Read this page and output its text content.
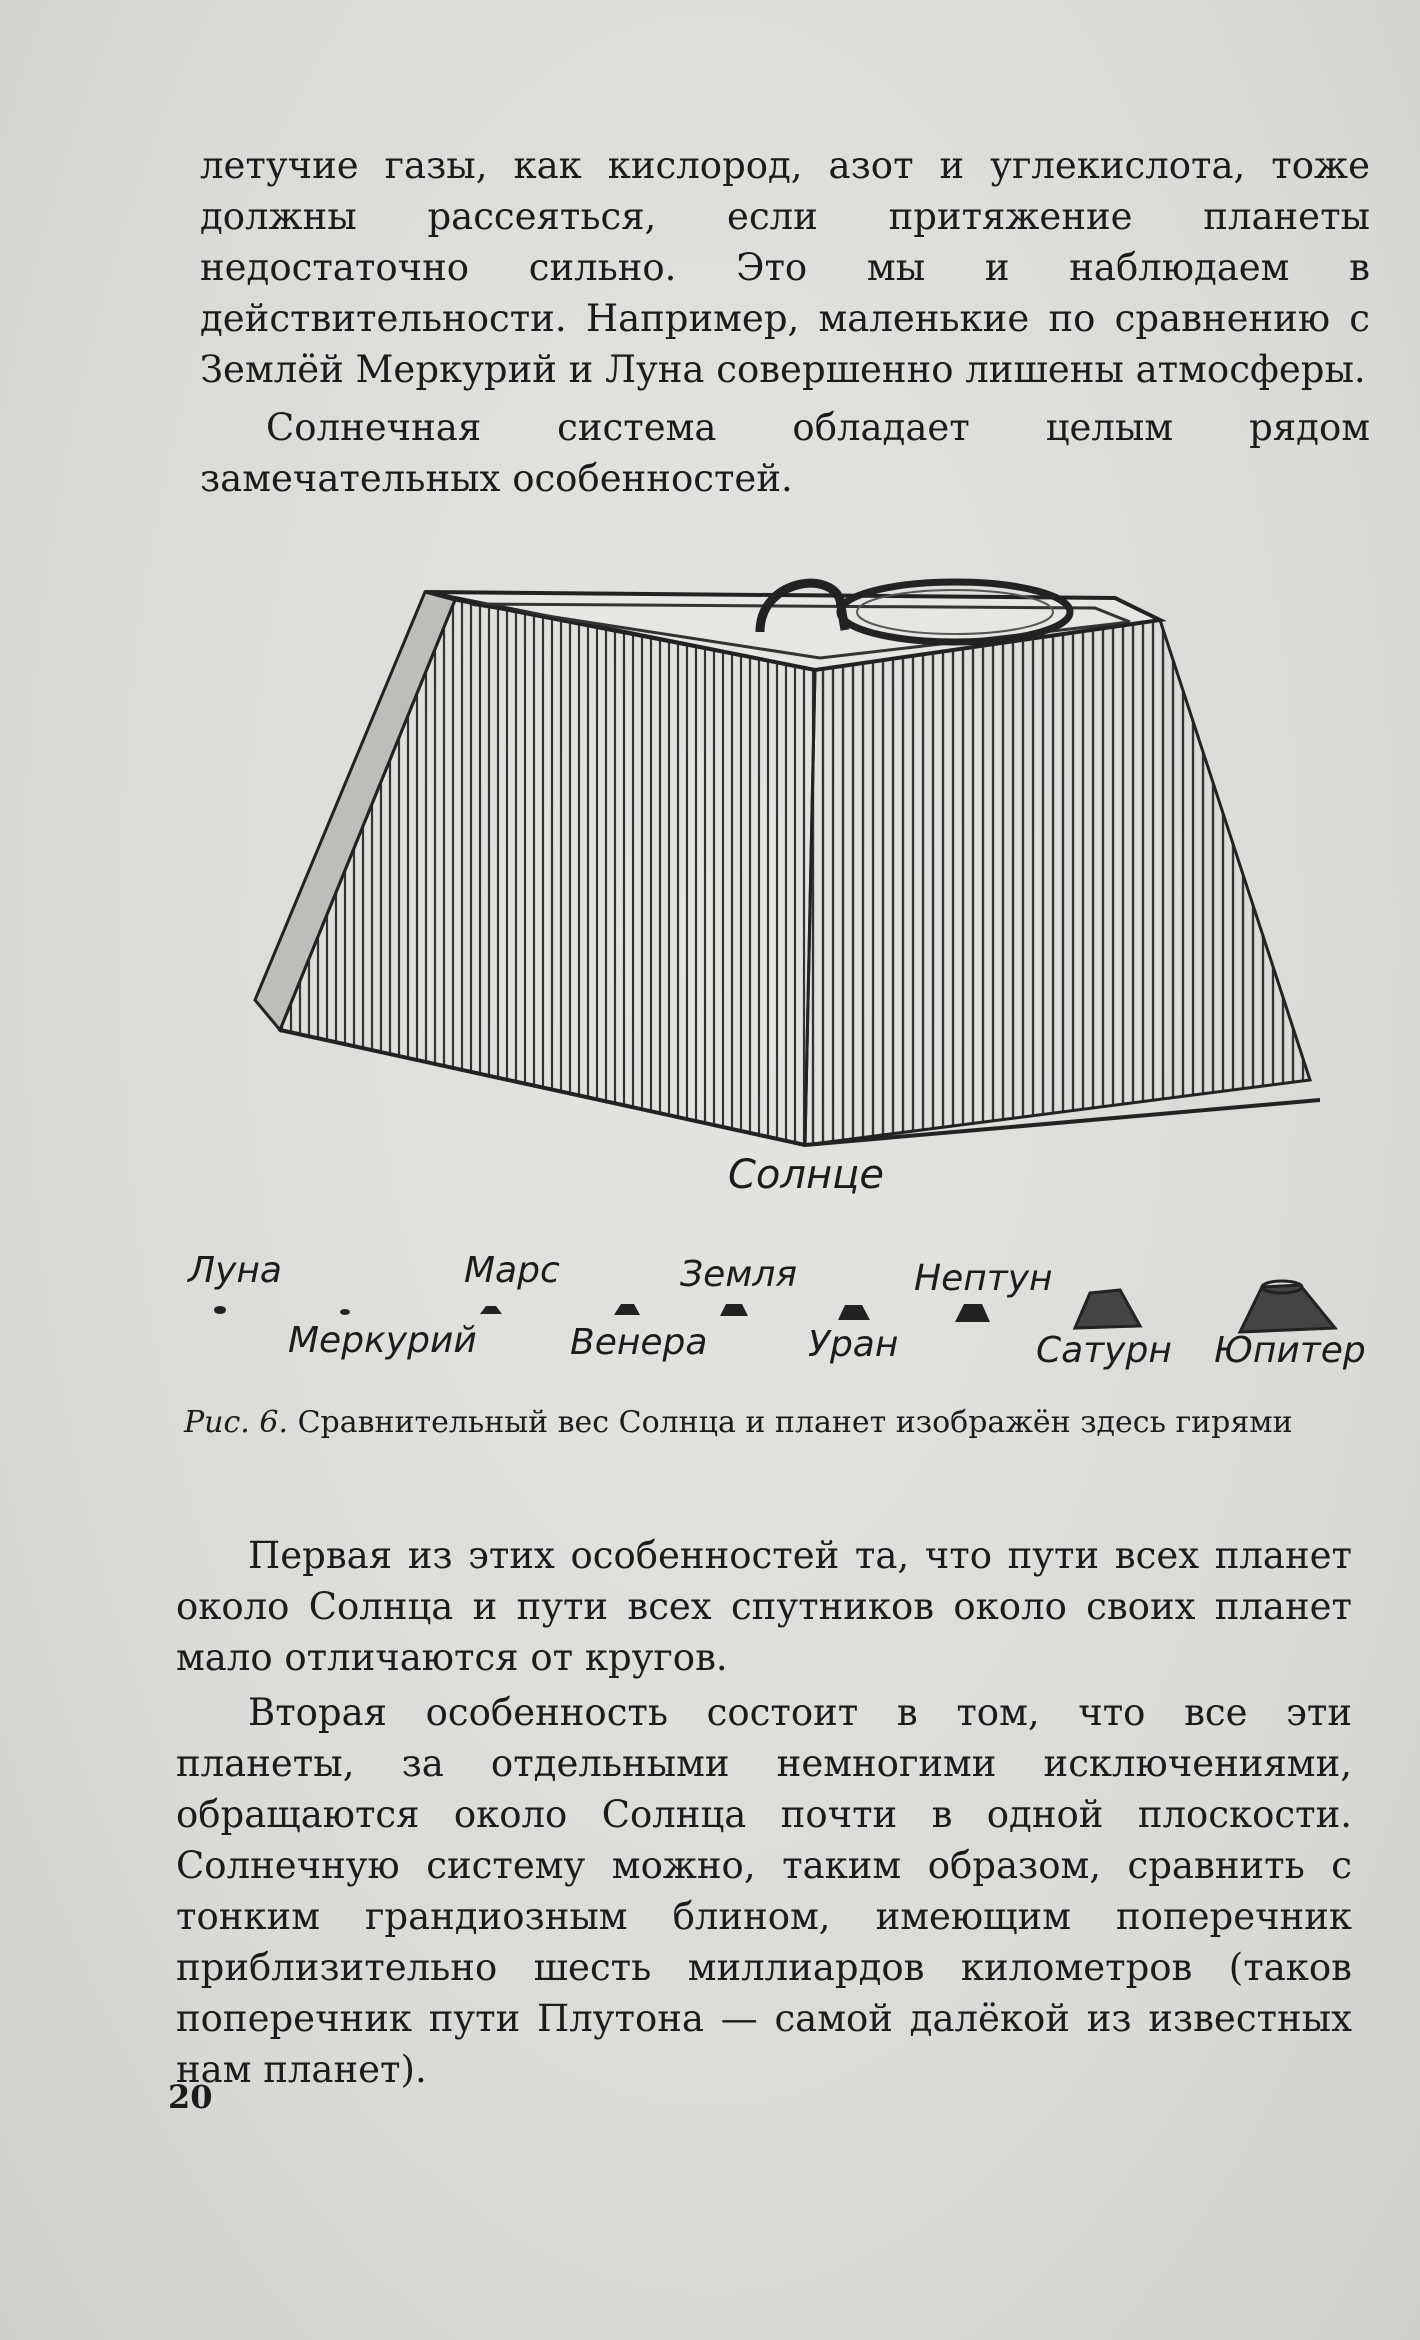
летучие газы, как кислород, азот и углекислота, тоже должны рассеяться, если притяжение планеты недостаточно сильно. Это мы и наблюдаем в действительности. Например, маленькие по сравнению с Землёй Меркурий и Луна совершенно лишены атмосферы.

Солнечная система обладает целым рядом замечательных особенностей.

Солнце
Луна
Меркурий
Марс
Венера
Земля
Уран
Нептун
Сатурн Юпитер
Рис. 6. Сравнительный вес Солнца и планет изображён здесь гирями

Первая из этих особенностей та, что пути всех планет около Солнца и пути всех спутников около своих планет мало отличаются от кругов.

Вторая особенность состоит в том, что все эти планеты, за отдельными немногими исключениями, обращаются около Солнца почти в одной плоскости. Солнечную систему можно, таким образом, сравнить с тонким грандиозным блином, имеющим поперечник приблизительно шесть миллиардов километров (таков поперечник пути Плутона — самой далёкой из известных нам планет).

20
